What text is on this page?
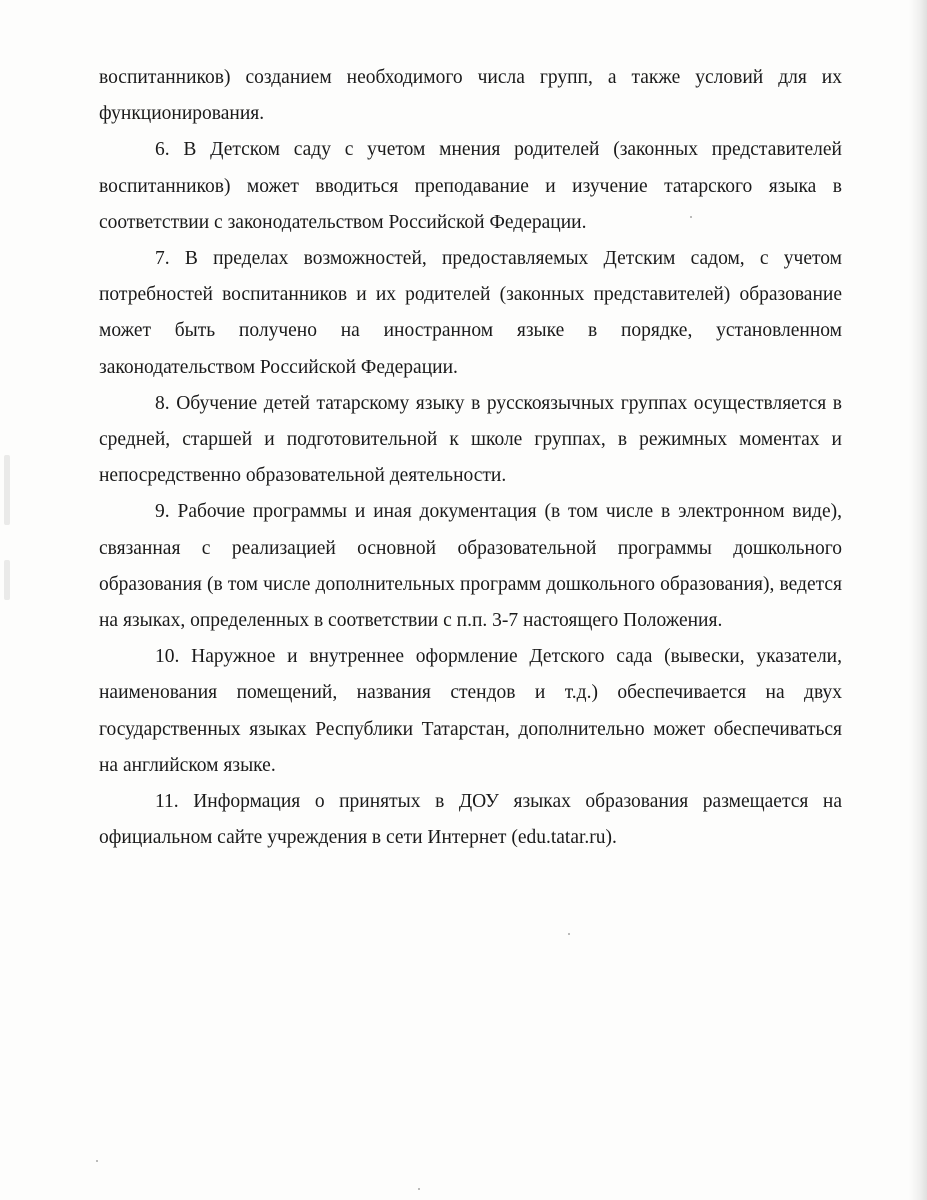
воспитанников) созданием необходимого числа групп, а также условий для их функционирования.

6. В Детском саду с учетом мнения родителей (законных представителей воспитанников) может вводиться преподавание и изучение татарского языка в соответствии с законодательством Российской Федерации.

7. В пределах возможностей, предоставляемых Детским садом, с учетом потребностей воспитанников и их родителей (законных представителей) образование может быть получено на иностранном языке в порядке, установленном законодательством Российской Федерации.

8. Обучение детей татарскому языку в русскоязычных группах осуществляется в средней, старшей и подготовительной к школе группах, в режимных моментах и непосредственно образовательной деятельности.

9. Рабочие программы и иная документация (в том числе в электронном виде), связанная с реализацией основной образовательной программы дошкольного образования (в том числе дополнительных программ дошкольного образования), ведется на языках, определенных в соответствии с п.п. 3-7 настоящего Положения.

10. Наружное и внутреннее оформление Детского сада (вывески, указатели, наименования помещений, названия стендов и т.д.) обеспечивается на двух государственных языках Республики Татарстан, дополнительно может обеспечиваться на английском языке.

11. Информация о принятых в ДОУ языках образования размещается на официальном сайте учреждения в сети Интернет (edu.tatar.ru).
